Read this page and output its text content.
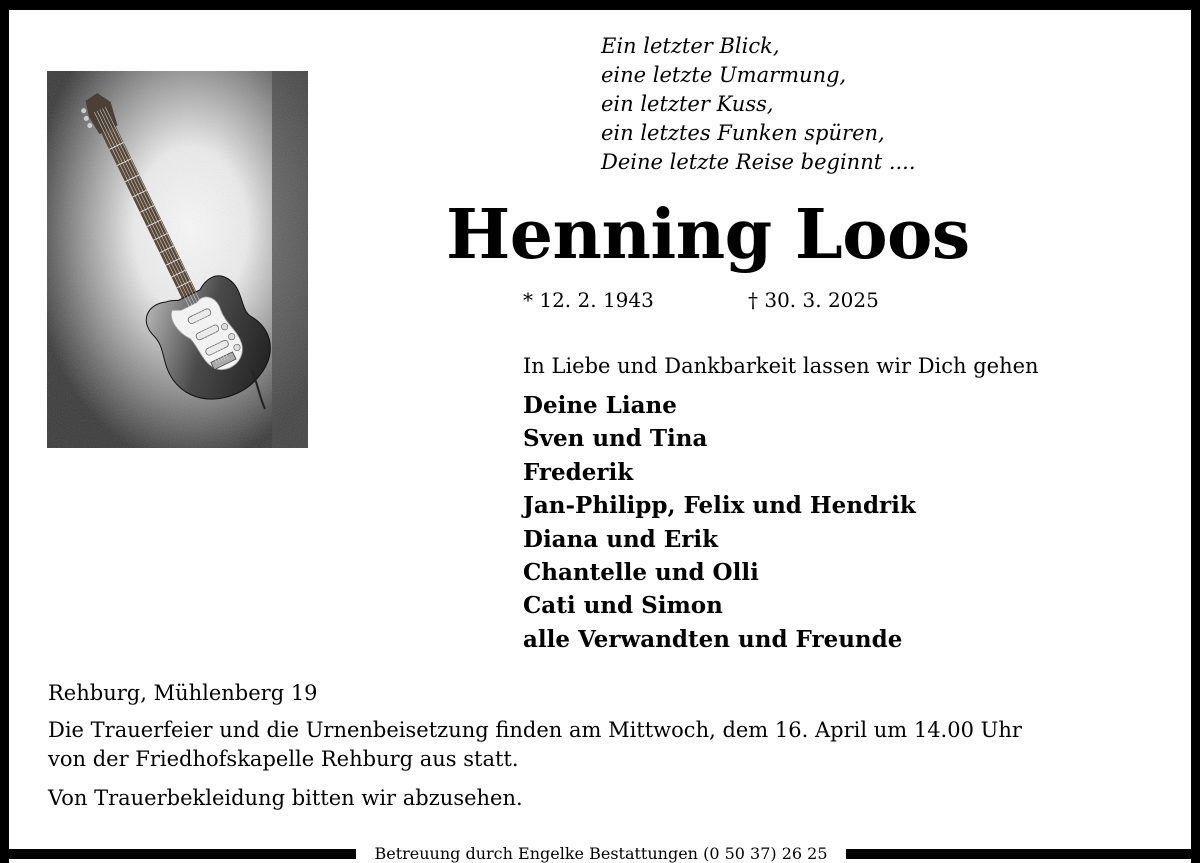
Ein letzter Blick,
eine letzte Umarmung,
ein letzter Kuss,
ein letztes Funken spüren,
Deine letzte Reise beginnt ....
Henning Loos
* 12. 2. 1943	† 30. 3. 2025
In Liebe und Dankbarkeit lassen wir Dich gehen
Deine Liane
Sven und Tina
Frederik
Jan-Philipp, Felix und Hendrik
Diana und Erik
Chantelle und Olli
Cati und Simon
alle Verwandten und Freunde
Rehburg, Mühlenberg 19
Die Trauerfeier und die Urnenbeisetzung finden am Mittwoch, dem 16. April um 14.00 Uhr
von der Friedhofskapelle Rehburg aus statt.
Von Trauerbekleidung bitten wir abzusehen.
Betreuung durch Engelke Bestattungen (0 50 37) 26 25
